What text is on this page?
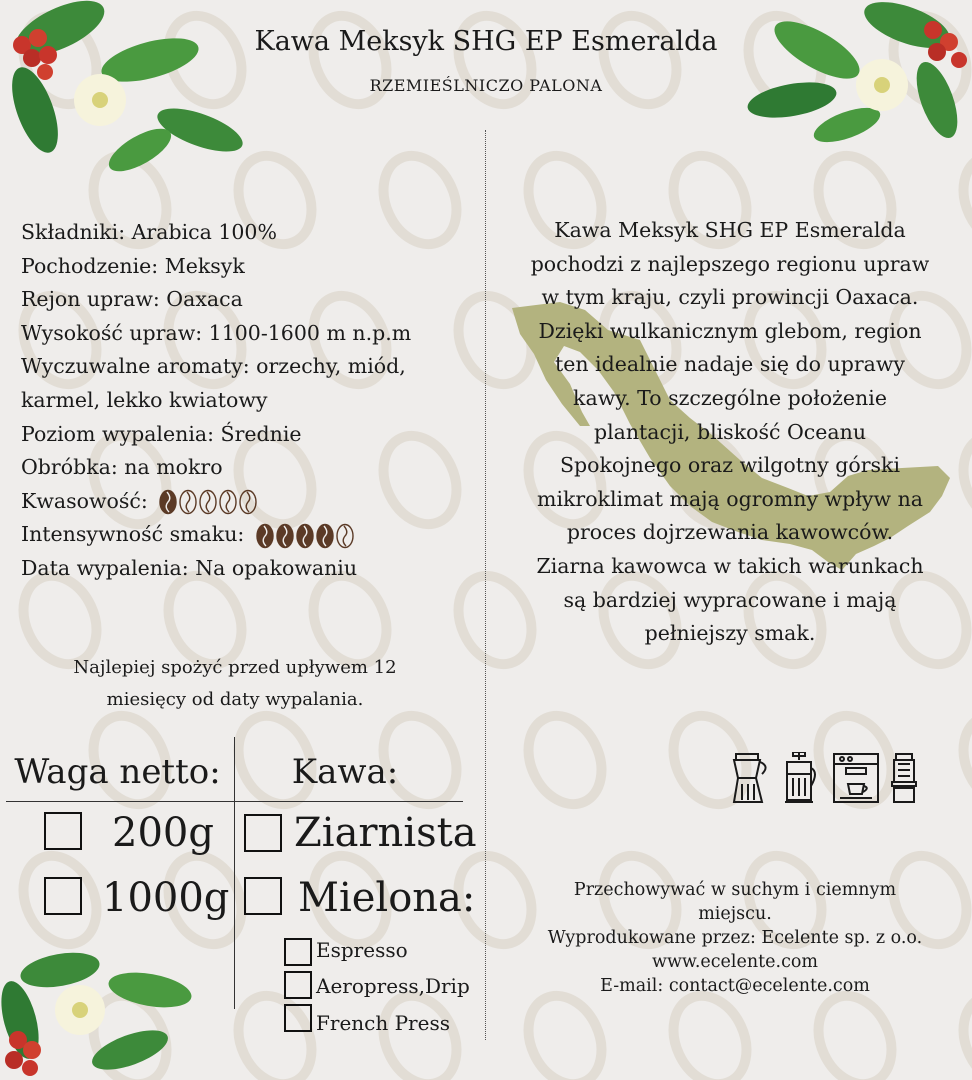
Kawa Meksyk SHG EP Esmeralda
RZEMIEŚLNICZO PALONA
Składniki: Arabica 100%
Pochodzenie: Meksyk
Rejon upraw: Oaxaca
Wysokość upraw: 1100-1600 m n.p.m
Wyczuwalne aromaty: orzechy, miód,
karmel, lekko kwiatowy
Poziom wypalenia: Średnie
Obróbka: na mokro
Kwasowość:
Intensywność smaku:
Data wypalenia: Na opakowaniu
Najlepiej spożyć przed upływem 12
miesięcy od daty wypalania.
Kawa Meksyk SHG EP Esmeralda
pochodzi z najlepszego regionu upraw
w tym kraju, czyli prowincji Oaxaca.
Dzięki wulkanicznym glebom, region
ten idealnie nadaje się do uprawy
kawy. To szczególne położenie
plantacji, bliskość Oceanu
Spokojnego oraz wilgotny górski
mikroklimat mają ogromny wpływ na
proces dojrzewania kawowców.
Ziarna kawowca w takich warunkach
są bardziej wypracowane i mają
pełniejszy smak.
Przechowywać w suchym i ciemnym
miejscu.
Wyprodukowane przez: Ecelente sp. z o.o.
www.ecelente.com
E-mail: contact@ecelente.com
Waga netto:	Kawa:
200g
1000g
Ziarnista
Mielona:
Espresso
Aeropress,Drip
French Press
